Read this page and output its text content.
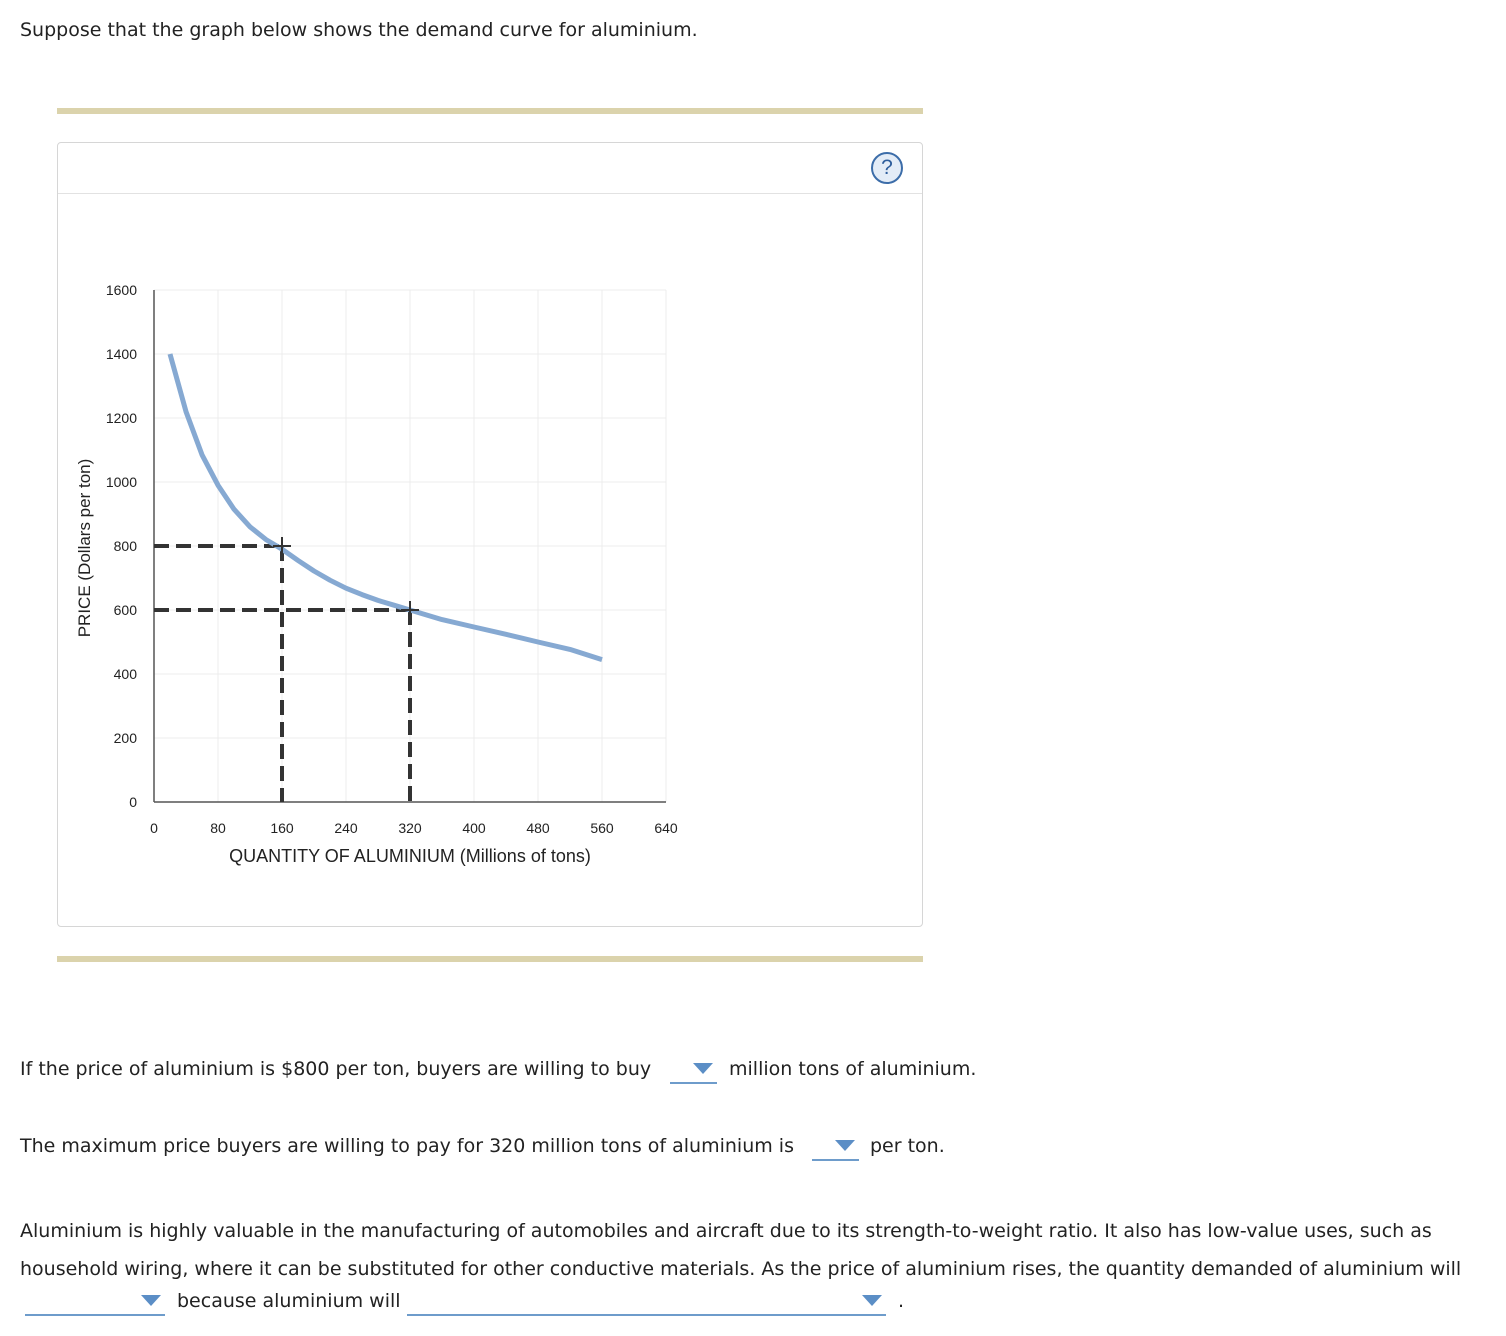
Suppose that the graph below shows the demand curve for aluminium.
?
0	80	160	240	320	400	480	560	640
0
200
400
600
800
1000
1200
1400
1600
QUANTITY OF ALUMINIUM (Millions of tons)
PRICE (Dollars per ton)
If the price of aluminium is $800 per ton, buyers are willing to buy	million tons of aluminium.
The maximum price buyers are willing to pay for 320 million tons of aluminium is	per ton.
Aluminium is highly valuable in the manufacturing of automobiles and aircraft due to its strength-to-weight ratio. It also has low-value uses, such as
household wiring, where it can be substituted for other conductive materials. As the price of aluminium rises, the quantity demanded of aluminium will
because aluminium will	.
